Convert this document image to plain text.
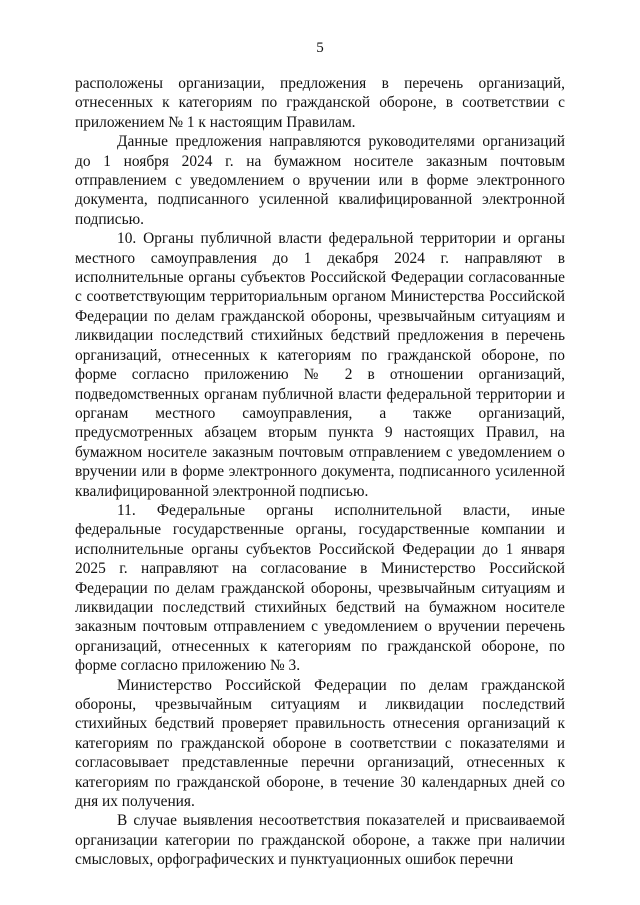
5

расположены организации, предложения в перечень организаций, отнесенных к категориям по гражданской обороне, в соответствии с приложением № 1 к настоящим Правилам.

Данные предложения направляются руководителями организаций до 1 ноября 2024 г. на бумажном носителе заказным почтовым отправлением с уведомлением о вручении или в форме электронного документа, подписанного усиленной квалифицированной электронной подписью.

10. Органы публичной власти федеральной территории и органы местного самоуправления до 1 декабря 2024 г. направляют в исполнительные органы субъектов Российской Федерации согласованные с соответствующим территориальным органом Министерства Российской Федерации по делам гражданской обороны, чрезвычайным ситуациям и ликвидации последствий стихийных бедствий предложения в перечень организаций, отнесенных к категориям по гражданской обороне, по форме согласно приложению № 2 в отношении организаций, подведомственных органам публичной власти федеральной территории и органам местного самоуправления, а также организаций, предусмотренных абзацем вторым пункта 9 настоящих Правил, на бумажном носителе заказным почтовым отправлением с уведомлением о вручении или в форме электронного документа, подписанного усиленной квалифицированной электронной подписью.

11. Федеральные органы исполнительной власти, иные федеральные государственные органы, государственные компании и исполнительные органы субъектов Российской Федерации до 1 января 2025 г. направляют на согласование в Министерство Российской Федерации по делам гражданской обороны, чрезвычайным ситуациям и ликвидации последствий стихийных бедствий на бумажном носителе заказным почтовым отправлением с уведомлением о вручении перечень организаций, отнесенных к категориям по гражданской обороне, по форме согласно приложению № 3.

Министерство Российской Федерации по делам гражданской обороны, чрезвычайным ситуациям и ликвидации последствий стихийных бедствий проверяет правильность отнесения организаций к категориям по гражданской обороне в соответствии с показателями и согласовывает представленные перечни организаций, отнесенных к категориям по гражданской обороне, в течение 30 календарных дней со дня их получения.

В случае выявления несоответствия показателей и присваиваемой организации категории по гражданской обороне, а также при наличии смысловых, орфографических и пунктуационных ошибок перечни
